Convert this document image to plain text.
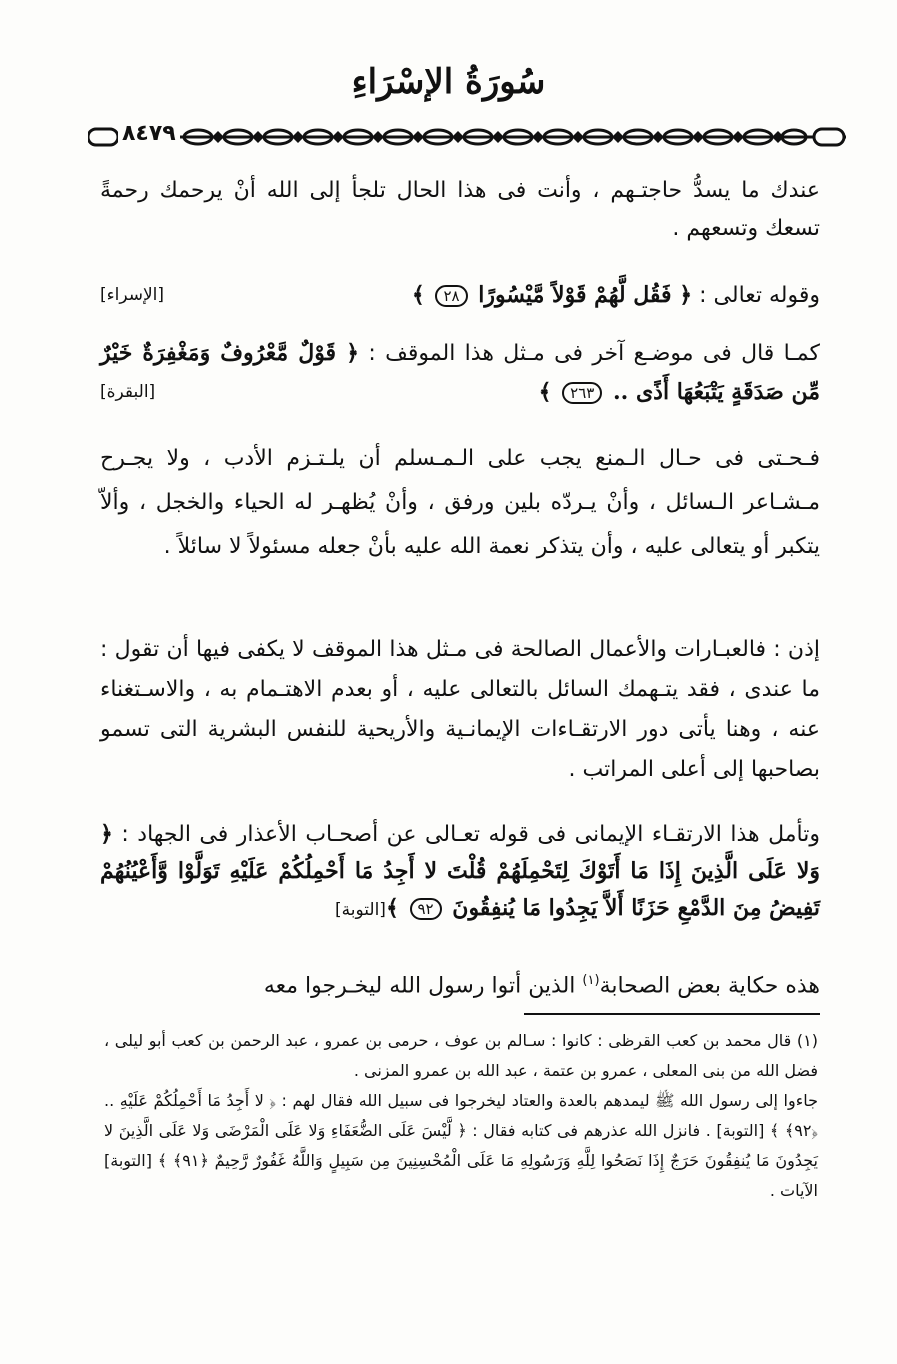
سُورَةُ الإسْرَاءِ
٨٤٧٩

عندك ما يسدُّ حاجتـهم ، وأنت فى هذا الحال تلجأ إلى الله أنْ يرحمك رحمةً تسعك وتسعهم .

وقوله تعالى : ﴿ فَقُل لَّهُمْ قَوْلاً مَّيْسُورًا ٢٨ ﴾
[الإسراء]

كمـا قال فى موضـع آخر فى مـثل هذا الموقف : ﴿ قَوْلٌ مَّعْرُوفٌ وَمَغْفِرَةٌ خَيْرٌ مِّن صَدَقَةٍ يَتْبَعُهَا أَذًى .. ٢٦٣ ﴾
[البقرة]

فـحـتى فى حـال الـمنع يجب على الـمـسلم أن يلـتـزم الأدب ، ولا يجـرح مـشـاعر الـسائل ، وأنْ يـردّه بلين ورفق ، وأنْ يُظهـر له الحياء والخجل ، وألاّ يتكبر أو يتعالى عليه ، وأن يتذكر نعمة الله عليه بأنْ جعله مسئولاً لا سائلاً .

إذن : فالعبـارات والأعمال الصالحة فى مـثل هذا الموقف لا يكفى فيها أن تقول : ما عندى ، فقد يتـهمك السائل بالتعالى عليه ، أو بعدم الاهتـمام به ، والاسـتغناء عنه ، وهنا يأتى دور الارتقـاءات الإيمانـية والأريحية للنفس البشرية التى تسمو بصاحبها إلى أعلى المراتب .

وتأمل هذا الارتقـاء الإيمانى فى قوله تعـالى عن أصحـاب الأعذار فى الجهاد : ﴿ وَلا عَلَى الَّذِينَ إِذَا مَا أَتَوْكَ لِتَحْمِلَهُمْ قُلْتَ لا أَجِدُ مَا أَحْمِلُكُمْ عَلَيْهِ تَوَلَّوْا وَّأَعْيُنُهُمْ تَفِيضُ مِنَ الدَّمْعِ حَزَنًا أَلاَّ يَجِدُوا مَا يُنفِقُونَ ٩٢ ﴾[التوبة]

هذه حكاية بعض الصحابة$^{(١)}$ الذين أتوا رسول الله ليخـرجوا معه

(١) قال محمد بن كعب القرظى : كانوا : سـالم بن عوف ، حرمى بن عمرو ، عبد الرحمن بن كعب أبو ليلى ، فضل الله من بنى المعلى ، عمرو بن عتمة ، عبد الله بن عمرو المزنى .

جاءوا إلى رسول الله ﷺ ليمدهم بالعدة والعتاد ليخرجوا فى سبيل الله فقال لهم : ﴿ لا أَجِدُ مَا أَحْمِلُكُمْ عَلَيْهِ .. ﴿٩٢﴾ ﴾ [التوبة] . فانزل الله عذرهم فى كتابه فقال : ﴿ لَّيْسَ عَلَى الضُّعَفَاءِ وَلا عَلَى الْمَرْضَى وَلا عَلَى الَّذِينَ لا يَجِدُونَ مَا يُنفِقُونَ حَرَجٌ إِذَا نَصَحُوا لِلَّهِ وَرَسُولِهِ مَا عَلَى الْمُحْسِنِينَ مِن سَبِيلٍ وَاللَّهُ غَفُورٌ رَّحِيمٌ ﴿٩١﴾ ﴾ [التوبة] الآيات .
